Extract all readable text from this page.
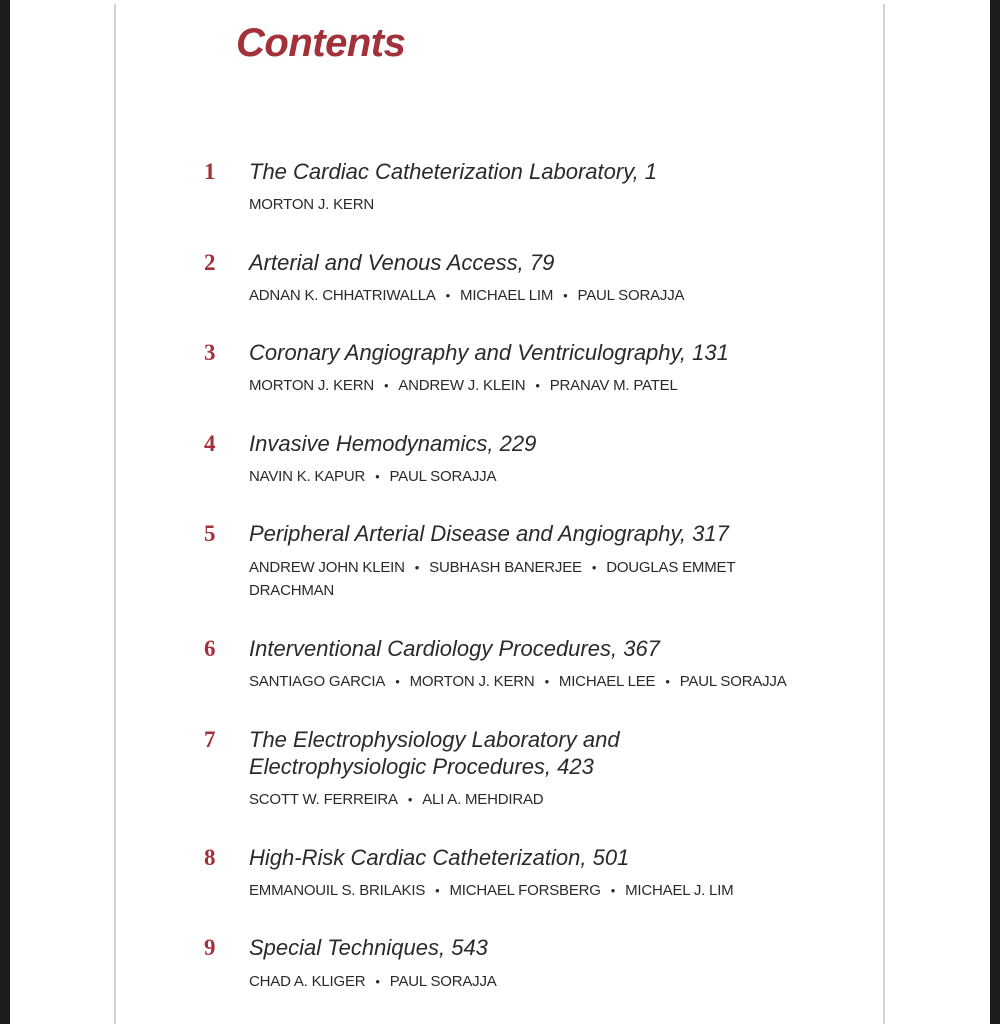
Contents
1	The Cardiac Catheterization Laboratory, 1
MORTON J. KERN
2	Arterial and Venous Access, 79
ADNAN K. CHHATRIWALLA • MICHAEL LIM • PAUL SORAJJA
3	Coronary Angiography and Ventriculography, 131
MORTON J. KERN • ANDREW J. KLEIN • PRANAV M. PATEL
4	Invasive Hemodynamics, 229
NAVIN K. KAPUR • PAUL SORAJJA
5	Peripheral Arterial Disease and Angiography, 317
ANDREW JOHN KLEIN • SUBHASH BANERJEE • DOUGLAS EMMET DRACHMAN
6	Interventional Cardiology Procedures, 367
SANTIAGO GARCIA • MORTON J. KERN • MICHAEL LEE • PAUL SORAJJA
7	The Electrophysiology Laboratory and Electrophysiologic Procedures, 423
SCOTT W. FERREIRA • ALI A. MEHDIRAD
8	High-Risk Cardiac Catheterization, 501
EMMANOUIL S. BRILAKIS • MICHAEL FORSBERG • MICHAEL J. LIM
9	Special Techniques, 543
CHAD A. KLIGER • PAUL SORAJJA
